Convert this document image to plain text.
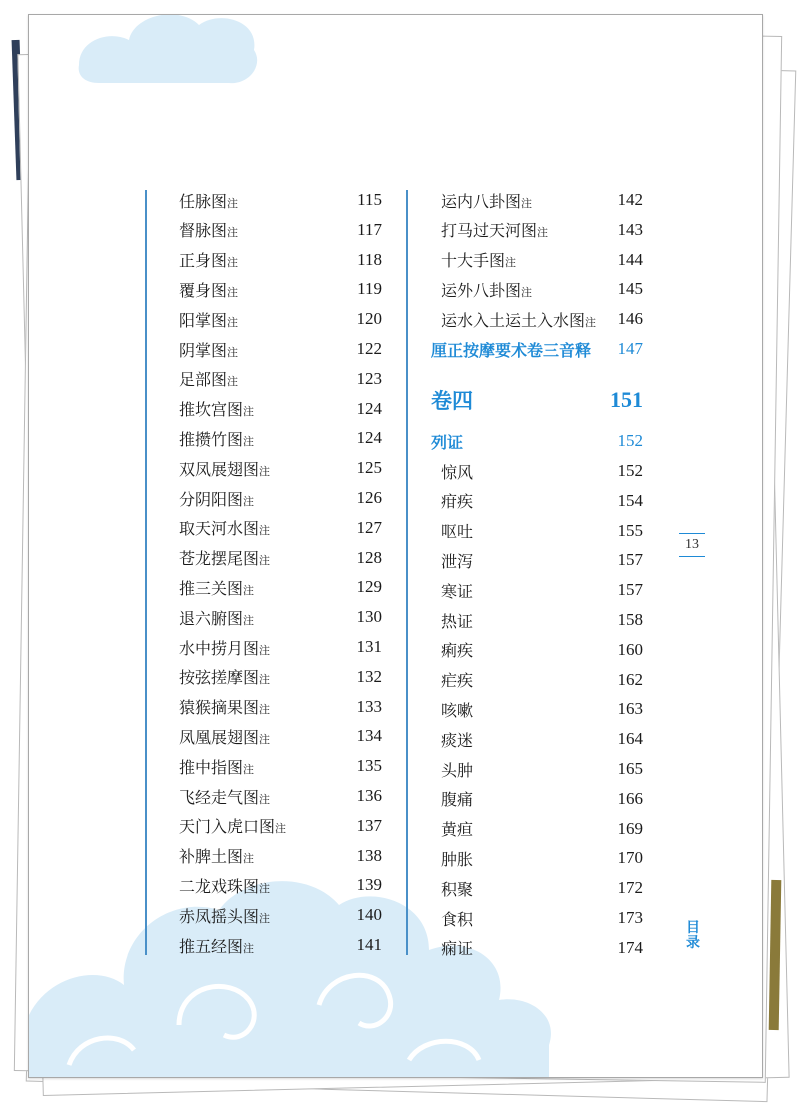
任脉图注	115
督脉图注	117
正身图注	118
覆身图注	119
阳掌图注	120
阴掌图注	122
足部图注	123
推坎宫图注	124
推攒竹图注	124
双凤展翅图注	125
分阴阳图注	126
取天河水图注	127
苍龙摆尾图注	128
推三关图注	129
退六腑图注	130
水中捞月图注	131
按弦搓摩图注	132
猿猴摘果图注	133
凤凰展翅图注	134
推中指图注	135
飞经走气图注	136
天门入虎口图注	137
补脾土图注	138
二龙戏珠图注	139
赤凤摇头图注	140
推五经图注	141
运内八卦图注	142
打马过天河图注	143
十大手图注	144
运外八卦图注	145
运水入土运土入水图注 146
厘正按摩要术卷三音释 147
卷四	151
列证	152
惊风	152
疳疾	154
呕吐	155
泄泻	157
寒证	157
热证	158
痢疾	160
疟疾	162
咳嗽	163
痰迷	164
头肿	165
腹痛	166
黄疸	169
肿胀	170
积聚	172
食积	173
痫证	174
13
目
录
